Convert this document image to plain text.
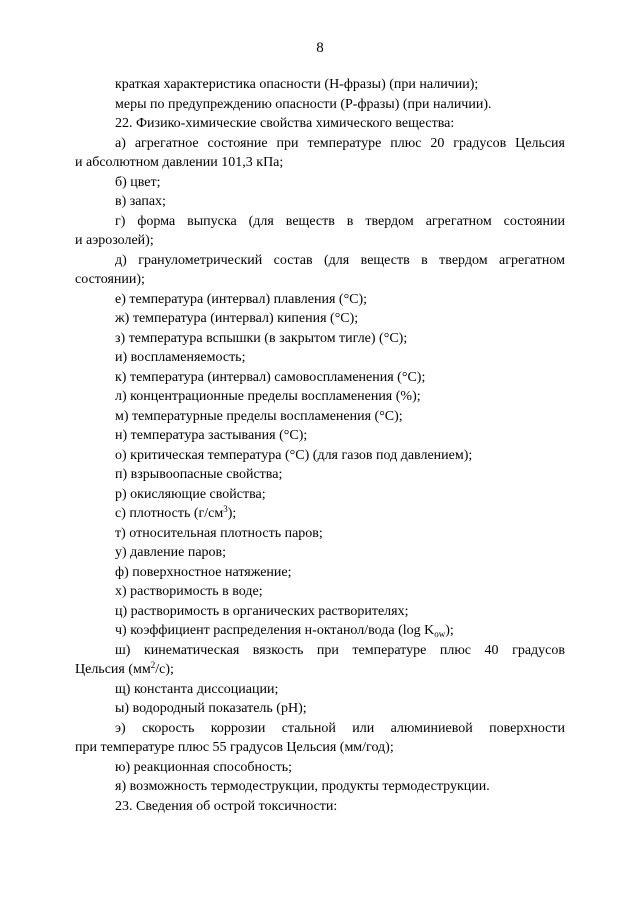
8

краткая характеристика опасности (H-фразы) (при наличии);

меры по предупреждению опасности (P-фразы) (при наличии).

22. Физико-химические свойства химического вещества:

а) агрегатное состояние при температуре плюс 20 градусов Цельсия

и абсолютном давлении 101,3 кПа;

б) цвет;

в) запах;

г) форма выпуска (для веществ в твердом агрегатном состоянии

и аэрозолей);

д) гранулометрический состав (для веществ в твердом агрегатном

состоянии);

е) температура (интервал) плавления (°С);

ж) температура (интервал) кипения (°С);

з) температура вспышки (в закрытом тигле) (°С);

и) воспламеняемость;

к) температура (интервал) самовоспламенения (°С);

л) концентрационные пределы воспламенения (%);

м) температурные пределы воспламенения (°С);

н) температура застывания (°С);

о) критическая температура (°С) (для газов под давлением);

п) взрывоопасные свойства;

р) окисляющие свойства;

с) плотность $(г/см^3)$;

т) относительная плотность паров;

у) давление паров;

ф) поверхностное натяжение;

х) растворимость в воде;

ц) растворимость в органических растворителях;

ч) коэффициент распределения н-октанол/вода (log $K_{ow}$);

ш) кинематическая вязкость при температуре плюс 40 градусов

Цельсия $(мм^2/с)$;

щ) константа диссоциации;

ы) водородный показатель (pH);

э) скорость коррозии стальной или алюминиевой поверхности

при температуре плюс 55 градусов Цельсия (мм/год);

ю) реакционная способность;

я) возможность термодеструкции, продукты термодеструкции.

23. Сведения об острой токсичности:
